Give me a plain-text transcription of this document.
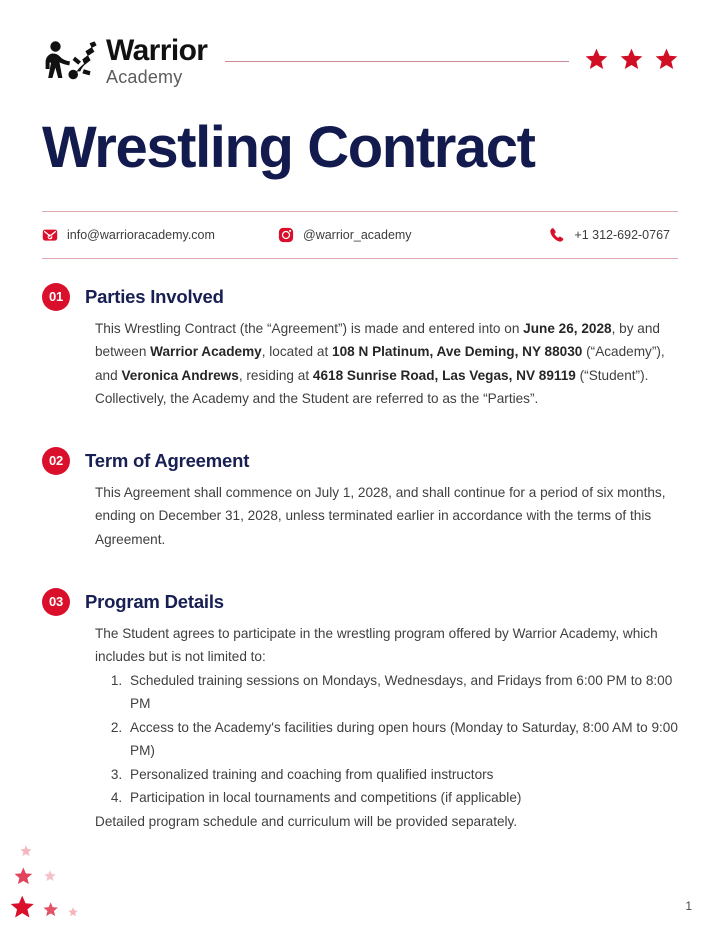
Warrior
Academy
Wrestling Contract
info@warrioracademy.com	@warrior_academy	+1 312-692-0767
01	Parties Involved

This Wrestling Contract (the “Agreement”) is made and entered into on June 26, 2028, by and between Warrior Academy, located at 108 N Platinum, Ave Deming, NY 88030 (“Academy”), and Veronica Andrews, residing at 4618 Sunrise Road, Las Vegas, NV 89119 (“Student”). Collectively, the Academy and the Student are referred to as the “Parties”.

02	Term of Agreement

This Agreement shall commence on July 1, 2028, and shall continue for a period of six months, ending on December 31, 2028, unless terminated earlier in accordance with the terms of this Agreement.

03	Program Details

The Student agrees to participate in the wrestling program offered by Warrior Academy, which includes but is not limited to:

1. Scheduled training sessions on Mondays, Wednesdays, and Fridays from 6:00 PM to 8:00 PM
2. Access to the Academy's facilities during open hours (Monday to Saturday, 8:00 AM to 9:00 PM)
3. Personalized training and coaching from qualified instructors
4. Participation in local tournaments and competitions (if applicable)

Detailed program schedule and curriculum will be provided separately.

1
